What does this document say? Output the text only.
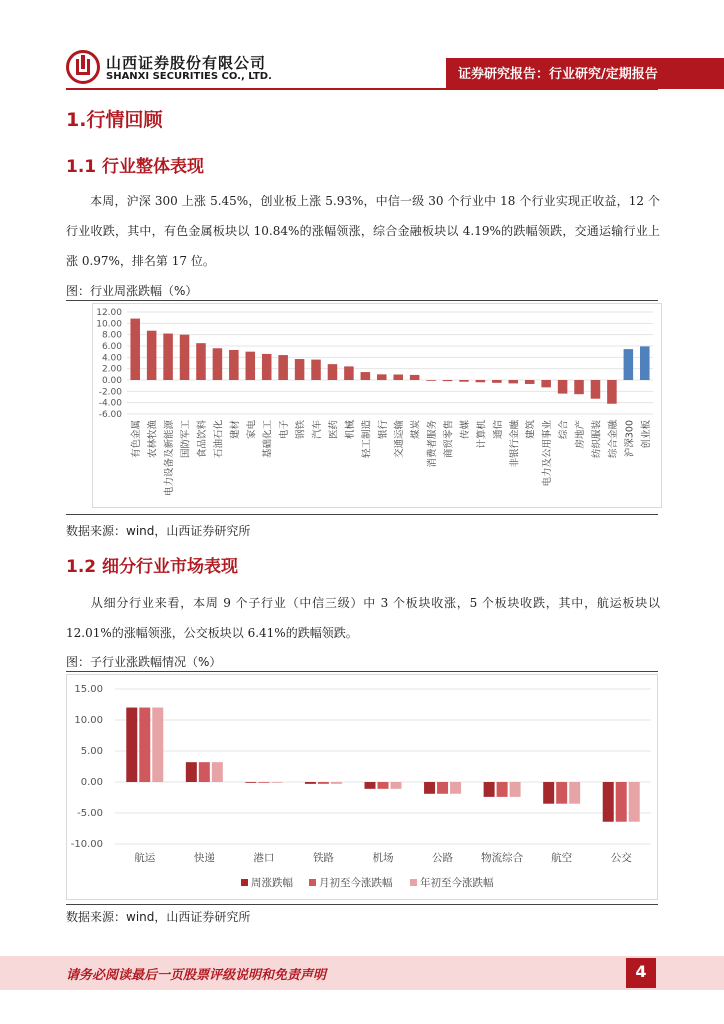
山西证券股份有限公司
SHANXI SECURITIES CO., LTD.	证券研究报告：行业研究/定期报告
1.行情回顾
1.1 行业整体表现
本周，沪深 300 上涨 5.45%，创业板上涨 5.93%，中信一级 30 个行业中 18 个行业实现正收益，12 个行业收跌，其中，有色金属板块以 10.84%的涨幅领涨，综合金融板块以 4.19%的跌幅领跌，交通运输行业上涨 0.97%，排名第 17 位。
图：行业周涨跌幅（%）
12.00
10.00
8.00
6.00
4.00
2.00
0.00
-2.00
-4.00
-6.00
有色金属 农林牧渔 电力设备及新能源 国防军工 食品饮料 石油石化 建材 家电 基础化工 电子 钢铁 汽车 医药 机械 轻工制造 银行 交通运输 煤炭 消费者服务 商贸零售 传媒 计算机 通信 非银行金融 建筑 电力及公用事业 综合 房地产 纺织服装 综合金融 沪深300 创业板
数据来源：wind，山西证券研究所
1.2 细分行业市场表现
从细分行业来看，本周 9 个子行业（中信三级）中 3 个板块收涨，5 个板块收跌，其中，航运板块以 12.01%的涨幅领涨，公交板块以 6.41%的跌幅领跌。
图：子行业涨跌幅情况（%）
15.00
10.00
5.00
0.00
-5.00
-10.00
航运	快递	港口	铁路	机场	公路	物流综合	航空	公交
周涨跌幅 月初至今涨跌幅	年初至今涨跌幅
数据来源：wind，山西证券研究所
请务必阅读最后一页股票评级说明和免责声明	4
